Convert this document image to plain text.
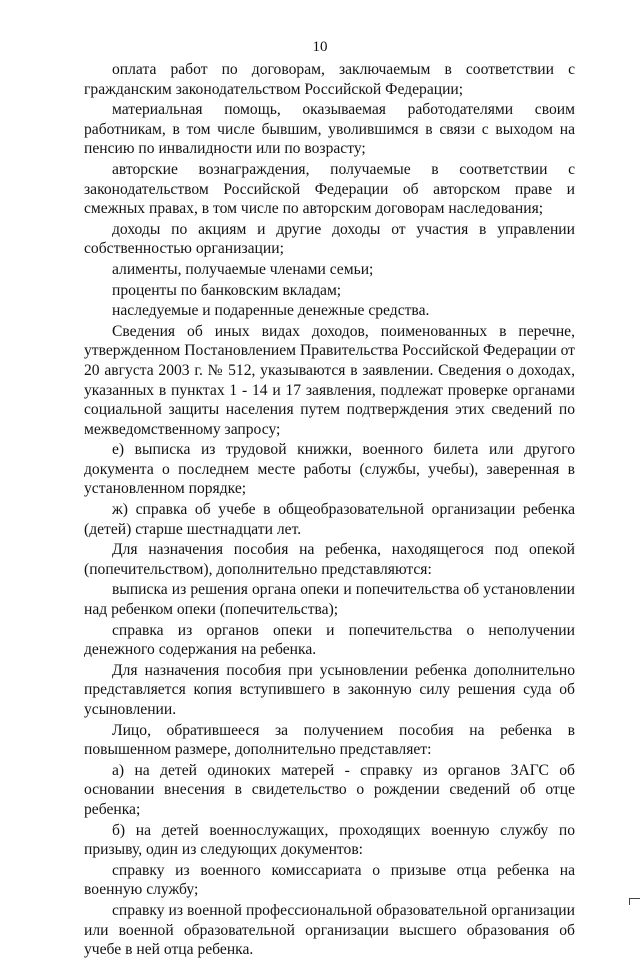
10

оплата работ по договорам, заключаемым в соответствии с гражданским законодательством Российской Федерации;

материальная помощь, оказываемая работодателями своим работникам, в том числе бывшим, уволившимся в связи с выходом на пенсию по инвалидности или по возрасту;

авторские вознаграждения, получаемые в соответствии с законодательством Российской Федерации об авторском праве и смежных правах, в том числе по авторским договорам наследования;

доходы по акциям и другие доходы от участия в управлении собственностью организации;

алименты, получаемые членами семьи;

проценты по банковским вкладам;

наследуемые и подаренные денежные средства.

Сведения об иных видах доходов, поименованных в перечне, утвержденном Постановлением Правительства Российской Федерации от 20 августа 2003 г. № 512, указываются в заявлении. Сведения о доходах, указанных в пунктах 1 - 14 и 17 заявления, подлежат проверке органами социальной защиты населения путем подтверждения этих сведений по межведомственному запросу;

е) выписка из трудовой книжки, военного билета или другого документа о последнем месте работы (службы, учебы), заверенная в установленном порядке;

ж) справка об учебе в общеобразовательной организации ребенка (детей) старше шестнадцати лет.

Для назначения пособия на ребенка, находящегося под опекой (попечительством), дополнительно представляются:

выписка из решения органа опеки и попечительства об установлении над ребенком опеки (попечительства);

справка из органов опеки и попечительства о неполучении денежного содержания на ребенка.

Для назначения пособия при усыновлении ребенка дополнительно представляется копия вступившего в законную силу решения суда об усыновлении.

Лицо, обратившееся за получением пособия на ребенка в повышенном размере, дополнительно представляет:

а) на детей одиноких матерей - справку из органов ЗАГС об основании внесения в свидетельство о рождении сведений об отце ребенка;

б) на детей военнослужащих, проходящих военную службу по призыву, один из следующих документов:

справку из военного комиссариата о призыве отца ребенка на военную службу;

справку из военной профессиональной образовательной организации или военной образовательной организации высшего образования об учебе в ней отца ребенка.
